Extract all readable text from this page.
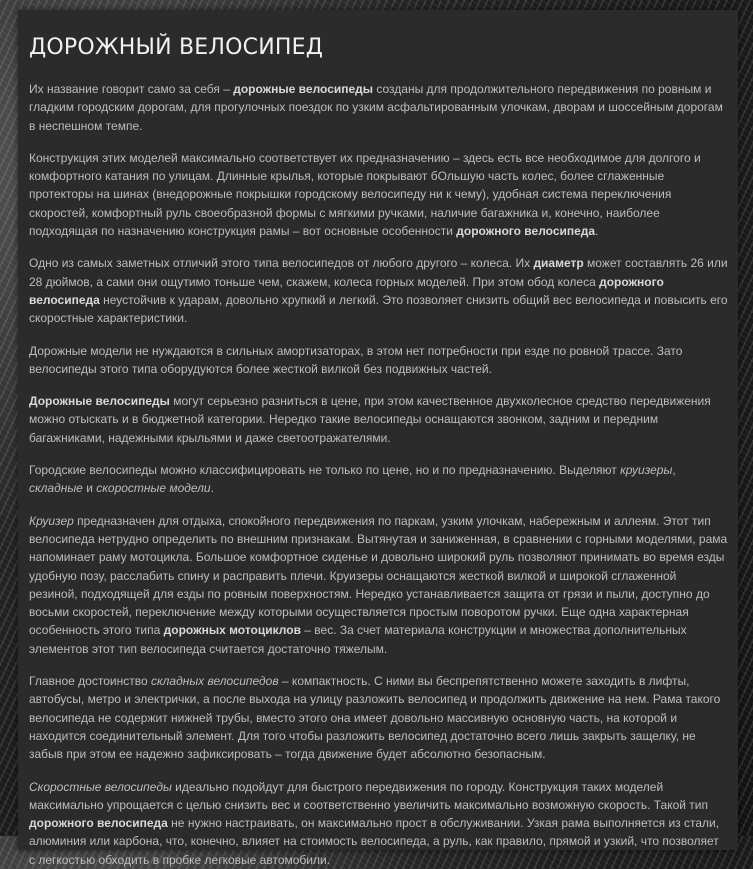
ДОРОЖНЫЙ ВЕЛОСИПЕД

Их название говорит само за себя – дорожные велосипеды созданы для продолжительного передвижения по ровным и гладким городским дорогам, для прогулочных поездок по узким асфальтированным улочкам, дворам и шоссейным дорогам в неспешном темпе.

Конструкция этих моделей максимально соответствует их предназначению – здесь есть все необходимое для долгого и комфортного катания по улицам. Длинные крылья, которые покрывают бОльшую часть колес, более сглаженные протекторы на шинах (внедорожные покрышки городскому велосипеду ни к чему), удобная система переключения скоростей, комфортный руль своеобразной формы с мягкими ручками, наличие багажника и, конечно, наиболее подходящая по назначению конструкция рамы – вот основные особенности дорожного велосипеда.

Одно из самых заметных отличий этого типа велосипедов от любого другого – колеса. Их диаметр может составлять 26 или 28 дюймов, а сами они ощутимо тоньше чем, скажем, колеса горных моделей. При этом обод колеса дорожного велосипеда неустойчив к ударам, довольно хрупкий и легкий. Это позволяет снизить общий вес велосипеда и повысить его скоростные характеристики.

Дорожные модели не нуждаются в сильных амортизаторах, в этом нет потребности при езде по ровной трассе. Зато велосипеды этого типа оборудуются более жесткой вилкой без подвижных частей.

Дорожные велосипеды могут серьезно разниться в цене, при этом качественное двухколесное средство передвижения можно отыскать и в бюджетной категории. Нередко такие велосипеды оснащаются звонком, задним и передним багажниками, надежными крыльями и даже светоотражателями.

Городские велосипеды можно классифицировать не только по цене, но и по предназначению. Выделяют круизеры, складные и скоростные модели.

Круизер предназначен для отдыха, спокойного передвижения по паркам, узким улочкам, набережным и аллеям. Этот тип велосипеда нетрудно определить по внешним признакам. Вытянутая и заниженная, в сравнении с горными моделями, рама напоминает раму мотоцикла. Большое комфортное сиденье и довольно широкий руль позволяют принимать во время езды удобную позу, расслабить спину и расправить плечи. Круизеры оснащаются жесткой вилкой и широкой сглаженной резиной, подходящей для езды по ровным поверхностям. Нередко устанавливается защита от грязи и пыли, доступно до восьми скоростей, переключение между которыми осуществляется простым поворотом ручки. Еще одна характерная особенность этого типа дорожных мотоциклов – вес. За счет материала конструкции и множества дополнительных элементов этот тип велосипеда считается достаточно тяжелым.

Главное достоинство складных велосипедов – компактность. С ними вы беспрепятственно можете заходить в лифты, автобусы, метро и электрички, а после выхода на улицу разложить велосипед и продолжить движение на нем. Рама такого велосипеда не содержит нижней трубы, вместо этого она имеет довольно массивную основную часть, на которой и находится соединительный элемент. Для того чтобы разложить велосипед достаточно всего лишь закрыть защелку, не забыв при этом ее надежно зафиксировать – тогда движение будет абсолютно безопасным.

Скоростные велосипеды идеально подойдут для быстрого передвижения по городу. Конструкция таких моделей максимально упрощается с целью снизить вес и соответственно увеличить максимально возможную скорость. Такой тип дорожного велосипеда не нужно настраивать, он максимально прост в обслуживании. Узкая рама выполняется из стали, алюминия или карбона, что, конечно, влияет на стоимость велосипеда, а руль, как правило, прямой и узкий, что позволяет с легкостью обходить в пробке легковые автомобили.
